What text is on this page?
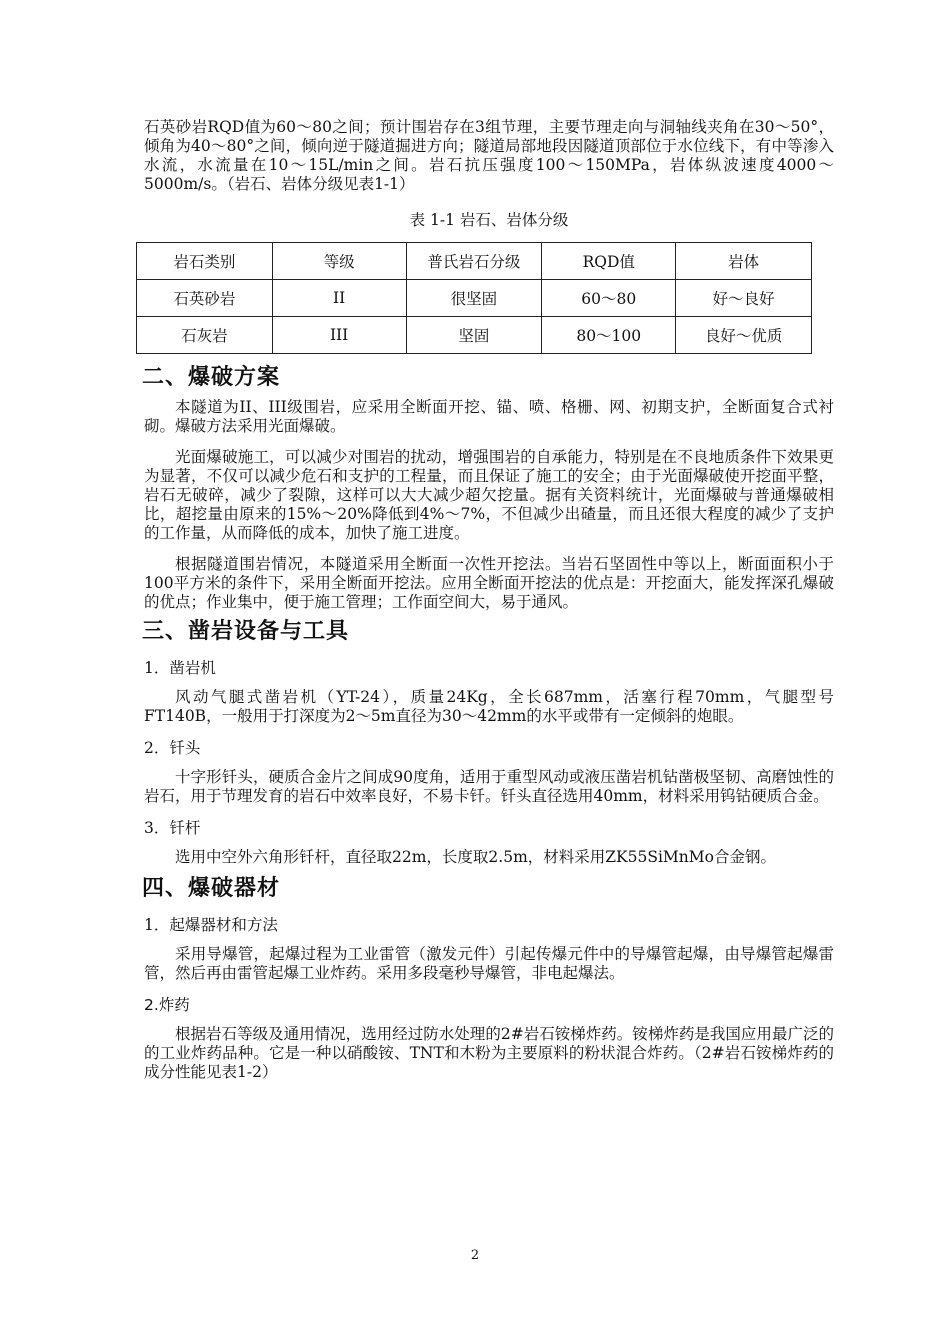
石英砂岩RQD值为60～80之间；预计围岩存在3组节理，主要节理走向与洞轴线夹角在30～50°，倾角为40～80°之间，倾向逆于隧道掘进方向；隧道局部地段因隧道顶部位于水位线下，有中等渗入水流，水流量在10～15L/min之间。岩石抗压强度100～150MPa，岩体纵波速度4000～5000m/s。（岩石、岩体分级见表1-1）

表 1-1 岩石、岩体分级
岩石类别	等级	普氏岩石分级	RQD值	岩体
石英砂岩	II	很坚固	60～80	好～良好
石灰岩	III	坚固	80～100	良好～优质
二、爆破方案

本隧道为II、III级围岩，应采用全断面开挖、锚、喷、格栅、网、初期支护，全断面复合式衬砌。爆破方法采用光面爆破。

光面爆破施工，可以减少对围岩的扰动，增强围岩的自承能力，特别是在不良地质条件下效果更为显著，不仅可以减少危石和支护的工程量，而且保证了施工的安全；由于光面爆破使开挖面平整，岩石无破碎，减少了裂隙，这样可以大大减少超欠挖量。据有关资料统计，光面爆破与普通爆破相比，超挖量由原来的15%～20%降低到4%～7%，不但减少出碴量，而且还很大程度的减少了支护的工作量，从而降低的成本，加快了施工进度。

根据隧道围岩情况，本隧道采用全断面一次性开挖法。当岩石坚固性中等以上，断面面积小于100平方米的条件下，采用全断面开挖法。应用全断面开挖法的优点是：开挖面大，能发挥深孔爆破的优点；作业集中，便于施工管理；工作面空间大，易于通风。

三、凿岩设备与工具
1．凿岩机

风动气腿式凿岩机（YT-24），质量24Kg，全长687mm，活塞行程70mm，气腿型号FT140B，一般用于打深度为2～5m直径为30～42mm的水平或带有一定倾斜的炮眼。

2．钎头

十字形钎头，硬质合金片之间成90度角，适用于重型风动或液压凿岩机钻凿极坚韧、高磨蚀性的岩石，用于节理发育的岩石中效率良好，不易卡钎。钎头直径选用40mm，材料采用钨钴硬质合金。

3．钎杆

选用中空外六角形钎杆，直径取22m，长度取2.5m，材料采用ZK55SiMnMo合金钢。

四、爆破器材
1．起爆器材和方法

采用导爆管，起爆过程为工业雷管（激发元件）引起传爆元件中的导爆管起爆，由导爆管起爆雷管，然后再由雷管起爆工业炸药。采用多段毫秒导爆管，非电起爆法。

2.炸药

根据岩石等级及通用情况，选用经过防水处理的2#岩石铵梯炸药。铵梯炸药是我国应用最广泛的的工业炸药品种。它是一种以硝酸铵、TNT和木粉为主要原料的粉状混合炸药。（2#岩石铵梯炸药的成分性能见表1-2）

2
